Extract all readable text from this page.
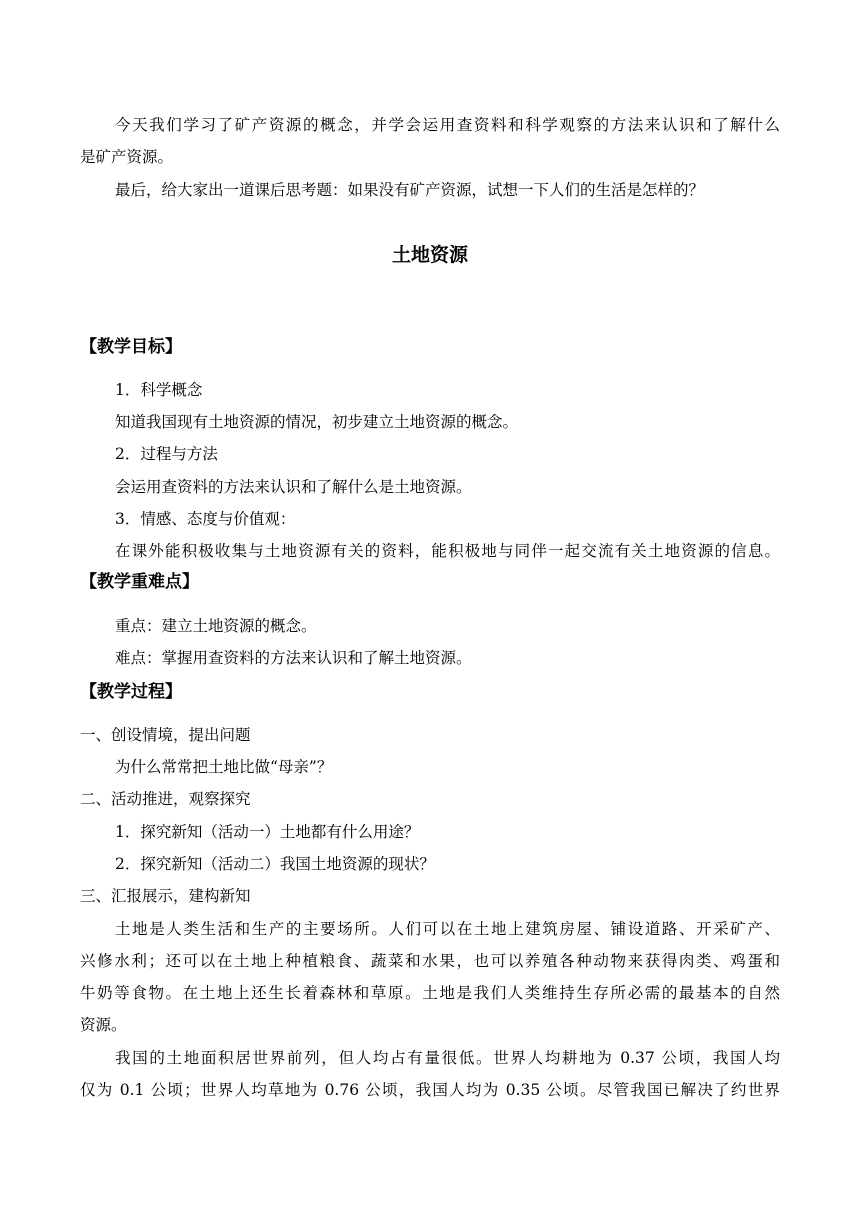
今天我们学习了矿产资源的概念，并学会运用查资料和科学观察的方法来认识和了解什么
是矿产资源。
最后，给大家出一道课后思考题：如果没有矿产资源，试想一下人们的生活是怎样的？
土地资源
【教学目标】
1．科学概念
知道我国现有土地资源的情况，初步建立土地资源的概念。
2．过程与方法
会运用查资料的方法来认识和了解什么是土地资源。
3．情感、态度与价值观：
在课外能积极收集与土地资源有关的资料，能积极地与同伴一起交流有关土地资源的信息。
【教学重难点】
重点：建立土地资源的概念。
难点：掌握用查资料的方法来认识和了解土地资源。
【教学过程】
一、创设情境，提出问题
为什么常常把土地比做“母亲”？
二、活动推进，观察探究
1．探究新知（活动一）土地都有什么用途？
2．探究新知（活动二）我国土地资源的现状？
三、汇报展示，建构新知
土地是人类生活和生产的主要场所。人们可以在土地上建筑房屋、铺设道路、开采矿产、
兴修水利；还可以在土地上种植粮食、蔬菜和水果，也可以养殖各种动物来获得肉类、鸡蛋和
牛奶等食物。在土地上还生长着森林和草原。土地是我们人类维持生存所必需的最基本的自然
资源。
我国的土地面积居世界前列，但人均占有量很低。世界人均耕地为 0.37 公顷，我国人均
仅为 0.1 公顷；世界人均草地为 0.76 公顷，我国人均为 0.35 公顷。尽管我国已解决了约世界
